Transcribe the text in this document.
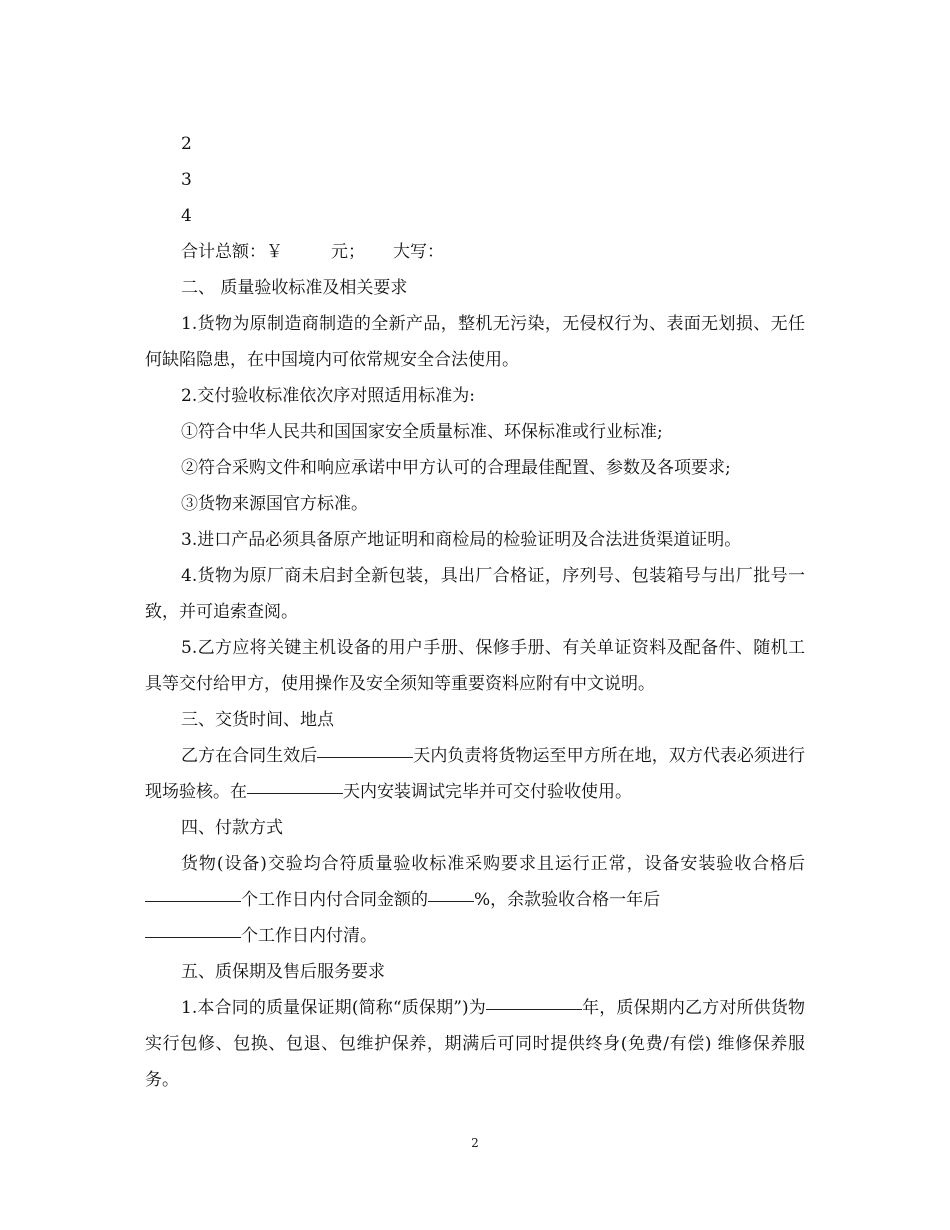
2

3

4

合计总额：￥	元； 大写：

二、 质量验收标准及相关要求

1.货物为原制造商制造的全新产品，整机无污染，无侵权行为、表面无划损、无任何缺陷隐患，在中国境内可依常规安全合法使用。

2.交付验收标准依次序对照适用标准为:

①符合中华人民共和国国家安全质量标准、环保标准或行业标准;

②符合采购文件和响应承诺中甲方认可的合理最佳配置、参数及各项要求;

③货物来源国官方标准。

3.进口产品必须具备原产地证明和商检局的检验证明及合法进货渠道证明。

4.货物为原厂商未启封全新包装，具出厂合格证，序列号、包装箱号与出厂批号一致，并可追索查阅。

5.乙方应将关键主机设备的用户手册、保修手册、有关单证资料及配备件、随机工具等交付给甲方，使用操作及安全须知等重要资料应附有中文说明。

三、交货时间、地点

乙方在合同生效后	天内负责将货物运至甲方所在地，双方代表必须进行现场验核。在	天内安装调试完毕并可交付验收使用。

四、付款方式

货物(设备)交验均合符质量验收标准采购要求且运行正常，设备安装验收合格后个工作日内付合同金额的	%，余款验收合格一年后
个工作日内付清。

五、质保期及售后服务要求

1.本合同的质量保证期(简称“质保期”)为	年，质保期内乙方对所供货物实行包修、包换、包退、包维护保养，期满后可同时提供终身(免费/有偿) 维修保养服务。

2
